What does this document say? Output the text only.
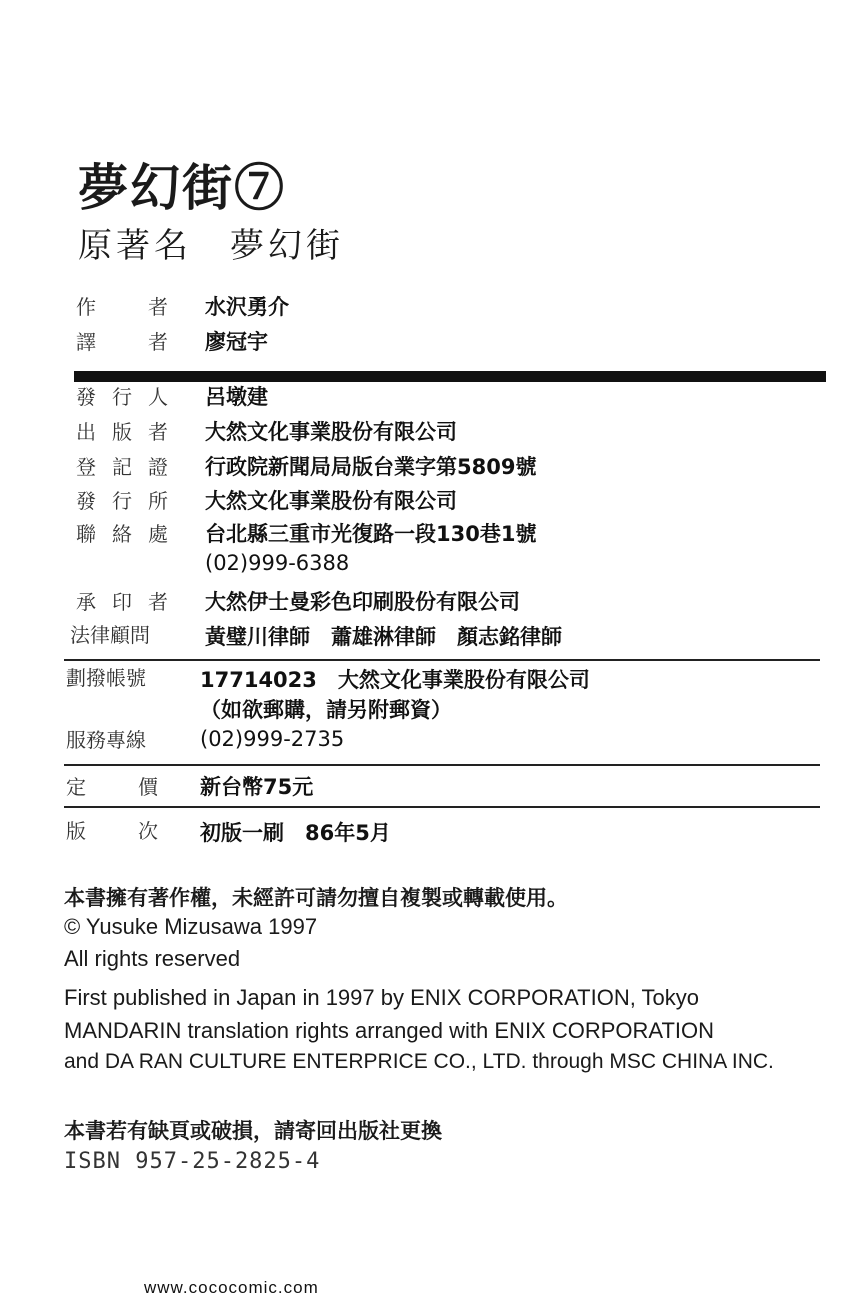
夢幻街⑦
原著名　夢幻街
作	者 水沢勇介
譯	者 廖冠宇
發 行 人 呂墩建
出 版 者 大然文化事業股份有限公司
登 記 證 行政院新聞局局版台業字第5809號
發 行 所 大然文化事業股份有限公司
聯 絡 處 台北縣三重市光復路一段130巷1號
(02)999-6388
承 印 者 大然伊士曼彩色印刷股份有限公司
法律顧問	黃璧川律師　蕭雄淋律師　顏志銘律師
劃撥帳號	17714023　大然文化事業股份有限公司
（如欲郵購，請另附郵資）
服務專線	(02)999-2735
定	價 新台幣75元
版	次 初版一刷　86年5月
本書擁有著作權，未經許可請勿擅自複製或轉載使用。
© Yusuke Mizusawa 1997
All rights reserved
First published in Japan in 1997 by ENIX CORPORATION, Tokyo
MANDARIN translation rights arranged with ENIX CORPORATION
and DA RAN CULTURE ENTERPRICE CO., LTD. through MSC CHINA INC.
本書若有缺頁或破損，請寄回出版社更換
ISBN 957-25-2825-4
www.cococomic.com
